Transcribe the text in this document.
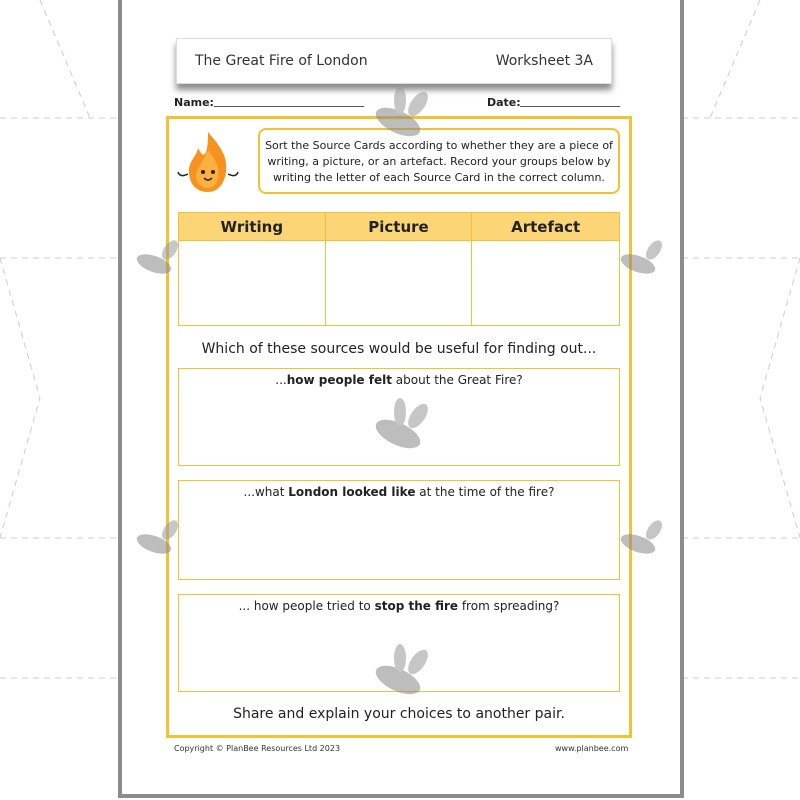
The Great Fire of London	Worksheet 3A
Name:	Date:
Sort the Source Cards according to whether they are a piece of writing, a picture, or an artefact. Record your groups below by writing the letter of each Source Card in the correct column.
Writing	Picture	Artefact
Which of these sources would be useful for finding out...
...how people felt about the Great Fire?
...what London looked like at the time of the fire?
... how people tried to stop the fire from spreading?
Share and explain your choices to another pair.
Copyright © PlanBee Resources Ltd 2023	www.planbee.com
